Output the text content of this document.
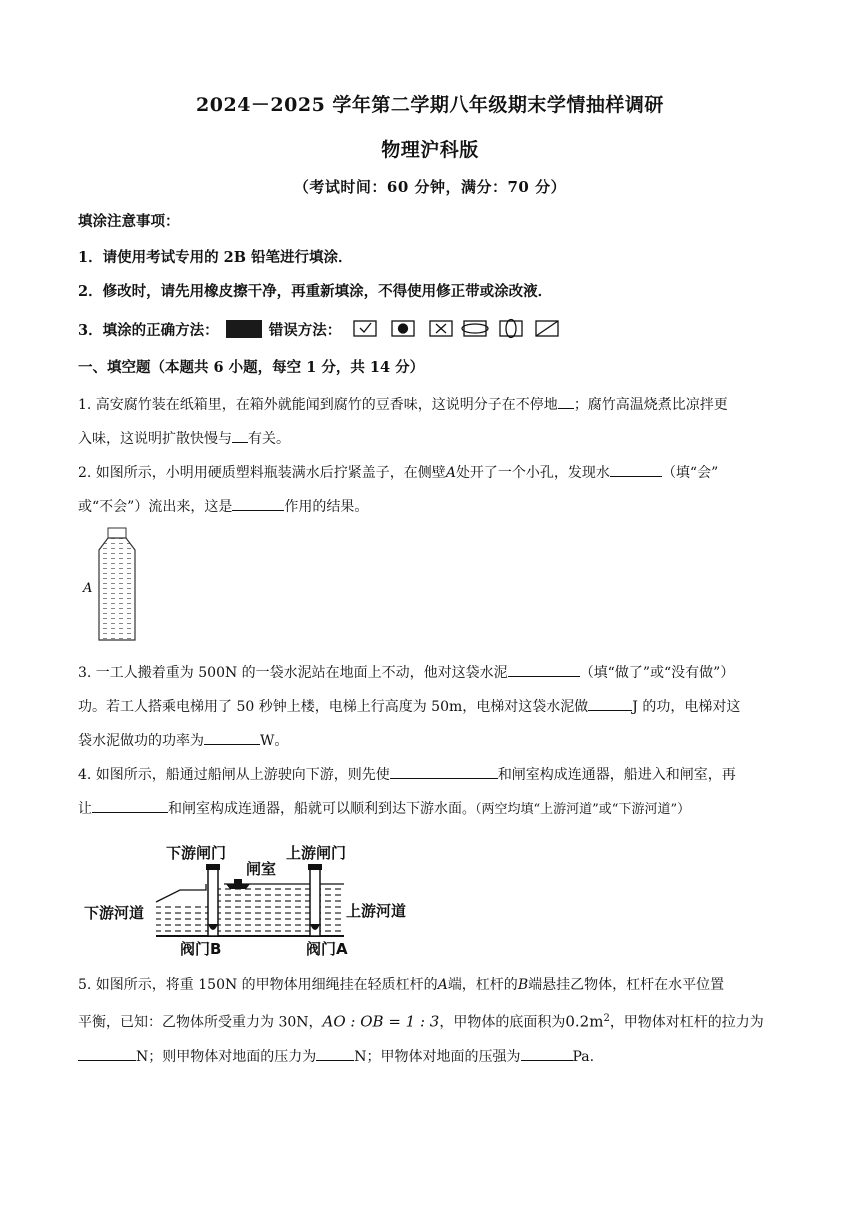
2024－2025 学年第二学期八年级期末学情抽样调研
物理沪科版
（考试时间：60 分钟，满分：70 分）
填涂注意事项：
1．请使用考试专用的 2B 铅笔进行填涂．
2．修改时，请先用橡皮擦干净，再重新填涂，不得使用修正带或涂改液．
3．填涂的正确方法：	错误方法：
一、填空题（本题共 6 小题，每空 1 分，共 14 分）
1. 高安腐竹装在纸箱里，在箱外就能闻到腐竹的豆香味，这说明分子在不停地 ；腐竹高温烧煮比凉拌更
入味，这说明扩散快慢与 有关。
2. 如图所示，小明用硬质塑料瓶装满水后拧紧盖子，在侧壁A处开了一个小孔，发现水	（填“会”
或“不会”）流出来，这是	作用的结果。
A
3. 一工人搬着重为 500N 的一袋水泥站在地面上不动，他对这袋水泥	（填“做了”或“没有做”）
功。若工人搭乘电梯用了 50 秒钟上楼，电梯上行高度为 50m，电梯对这袋水泥做	J 的功，电梯对这
袋水泥做功的功率为	W。
4. 如图所示，船通过船闸从上游驶向下游，则先使	和闸室构成连通器，船进入和闸室，再
让	和闸室构成连通器，船就可以顺利到达下游水面。（两空均填“上游河道”或“下游河道”）
下游闸门
闸室
上游闸门
下游河道	上游河道
阀门B	阀门A
5. 如图所示，将重 150N 的甲物体用细绳挂在轻质杠杆的A端，杠杆的B端悬挂乙物体，杠杆在水平位置
平衡，已知：乙物体所受重力为 30N，AO : OB = 1 : 3，甲物体的底面积为$0.2m^2$，甲物体对杠杆的拉力为
N；则甲物体对地面的压力为	N；甲物体对地面的压强为	Pa.
